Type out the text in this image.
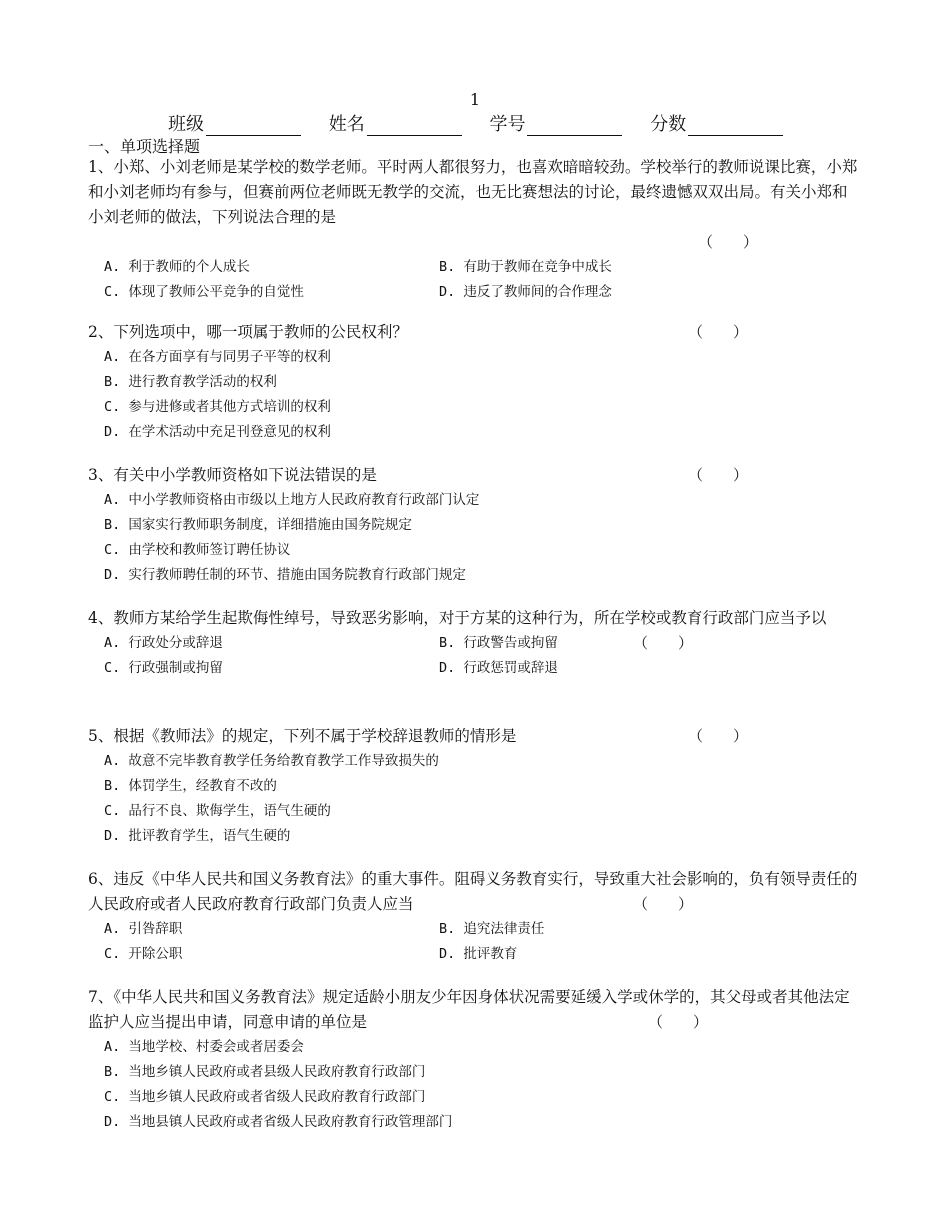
1
班级	姓名	学号	分数
一、单项选择题
1、小郑、小刘老师是某学校的数学老师。平时两人都很努力，也喜欢暗暗较劲。学校举行的教师说课比赛，小郑和小刘老师均有参与，但赛前两位老师既无教学的交流，也无比赛想法的讨论，最终遗憾双双出局。有关小郑和小刘老师的做法，下列说法合理的是
（　　）
A. 利于教师的个人成长	B. 有助于教师在竞争中成长
C. 体现了教师公平竞争的自觉性	D. 违反了教师间的合作理念
2、下列选项中，哪一项属于教师的公民权利？	（　　）
A. 在各方面享有与同男子平等的权利
B. 进行教育教学活动的权利
C. 参与进修或者其他方式培训的权利
D. 在学术活动中充足刊登意见的权利
3、有关中小学教师资格如下说法错误的是	（　　）
A. 中小学教师资格由市级以上地方人民政府教育行政部门认定
B. 国家实行教师职务制度，详细措施由国务院规定
C. 由学校和教师签订聘任协议
D. 实行教师聘任制的环节、措施由国务院教育行政部门规定
4、教师方某给学生起欺侮性绰号，导致恶劣影响，对于方某的这种行为，所在学校或教育行政部门应当予以
（　　）
A. 行政处分或辞退	B. 行政警告或拘留
C. 行政强制或拘留	D. 行政惩罚或辞退
5、根据《教师法》的规定，下列不属于学校辞退教师的情形是	（　　）
A. 故意不完毕教育教学任务给教育教学工作导致损失的
B. 体罚学生，经教育不改的
C. 品行不良、欺侮学生，语气生硬的
D. 批评教育学生，语气生硬的
6、违反《中华人民共和国义务教育法》的重大事件。阻碍义务教育实行，导致重大社会影响的，负有领导责任的人民政府或者人民政府教育行政部门负责人应当	（　　）
A. 引咎辞职	B. 追究法律责任
C. 开除公职	D. 批评教育
7、《中华人民共和国义务教育法》规定适龄小朋友少年因身体状况需要延缓入学或休学的，其父母或者其他法定监护人应当提出申请，同意申请的单位是	（　　）
A. 当地学校、村委会或者居委会
B. 当地乡镇人民政府或者县级人民政府教育行政部门
C. 当地乡镇人民政府或者省级人民政府教育行政部门
D. 当地县镇人民政府或者省级人民政府教育行政管理部门
